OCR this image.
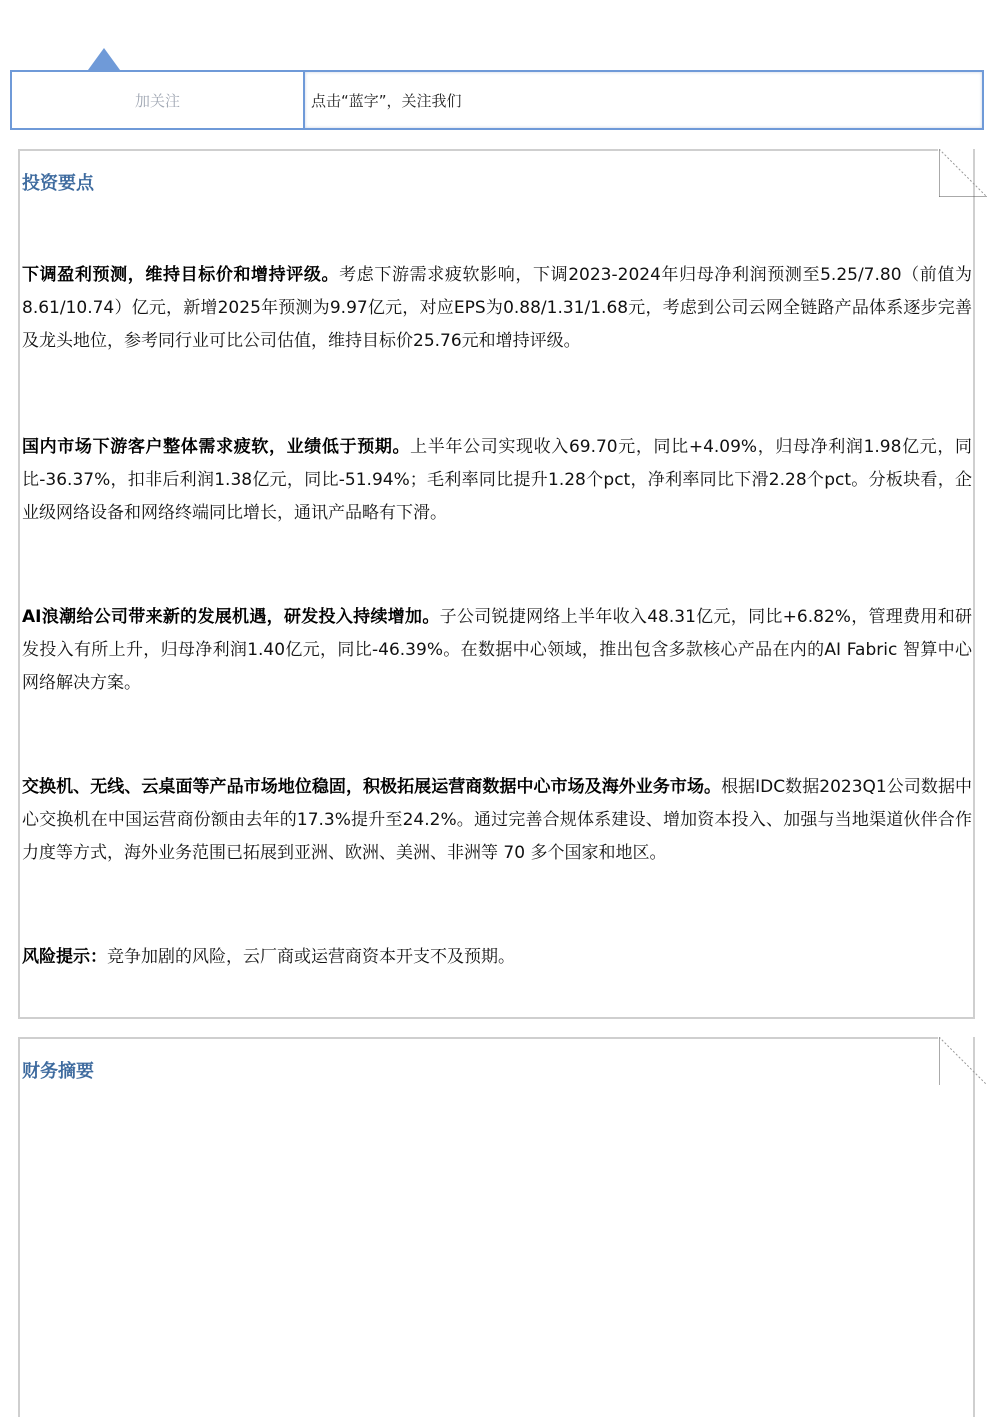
加关注	点击“蓝字”，关注我们
投资要点
下调盈利预测，维持目标价和增持评级。考虑下游需求疲软影响，下调2023-2024年归母净利润预测至5.25/7.80（前值为8.61/10.74）亿元，新增2025年预测为9.97亿元，对应EPS为0.88/1.31/1.68元，考虑到公司云网全链路产品体系逐步完善及龙头地位，参考同行业可比公司估值，维持目标价25.76元和增持评级。
国内市场下游客户整体需求疲软，业绩低于预期。上半年公司实现收入69.70元，同比+4.09%，归母净利润1.98亿元，同比-36.37%，扣非后利润1.38亿元，同比-51.94%；毛利率同比提升1.28个pct，净利率同比下滑2.28个pct。分板块看，企业级网络设备和网络终端同比增长，通讯产品略有下滑。
AI浪潮给公司带来新的发展机遇，研发投入持续增加。子公司锐捷网络上半年收入48.31亿元，同比+6.82%，管理费用和研发投入有所上升，归母净利润1.40亿元，同比-46.39%。在数据中心领域，推出包含多款核心产品在内的AI Fabric 智算中心网络解决方案。
交换机、无线、云桌面等产品市场地位稳固，积极拓展运营商数据中心市场及海外业务市场。根据IDC数据2023Q1公司数据中心交换机在中国运营商份额由去年的17.3%提升至24.2%。通过完善合规体系建设、增加资本投入、加强与当地渠道伙伴合作力度等方式，海外业务范围已拓展到亚洲、欧洲、美洲、非洲等 70 多个国家和地区。
风险提示：竞争加剧的风险，云厂商或运营商资本开支不及预期。
财务摘要
